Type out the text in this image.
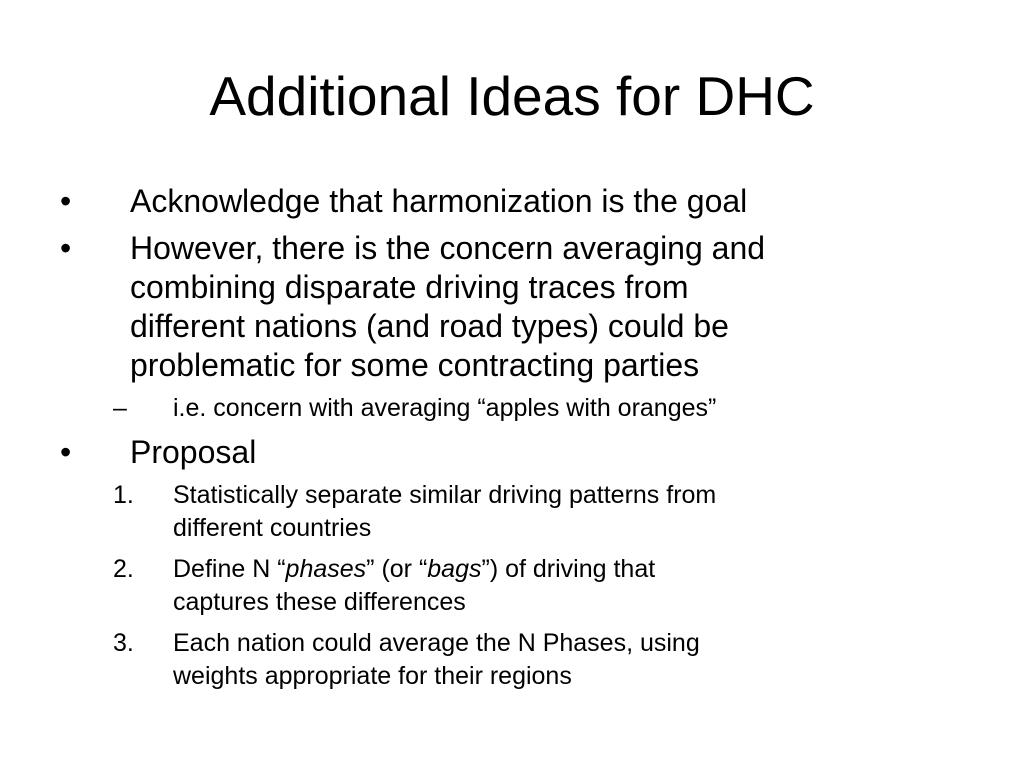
Additional Ideas for DHC
• Acknowledge that harmonization is the goal
• However, there is the concern averaging and
combining disparate driving traces from
different nations (and road types) could be
problematic for some contracting parties
– i.e. concern with averaging “apples with oranges”
• Proposal
1. Statistically separate similar driving patterns from
different countries
2. Define N “phases” (or “bags”) of driving that
captures these differences
3. Each nation could average the N Phases, using
weights appropriate for their regions
